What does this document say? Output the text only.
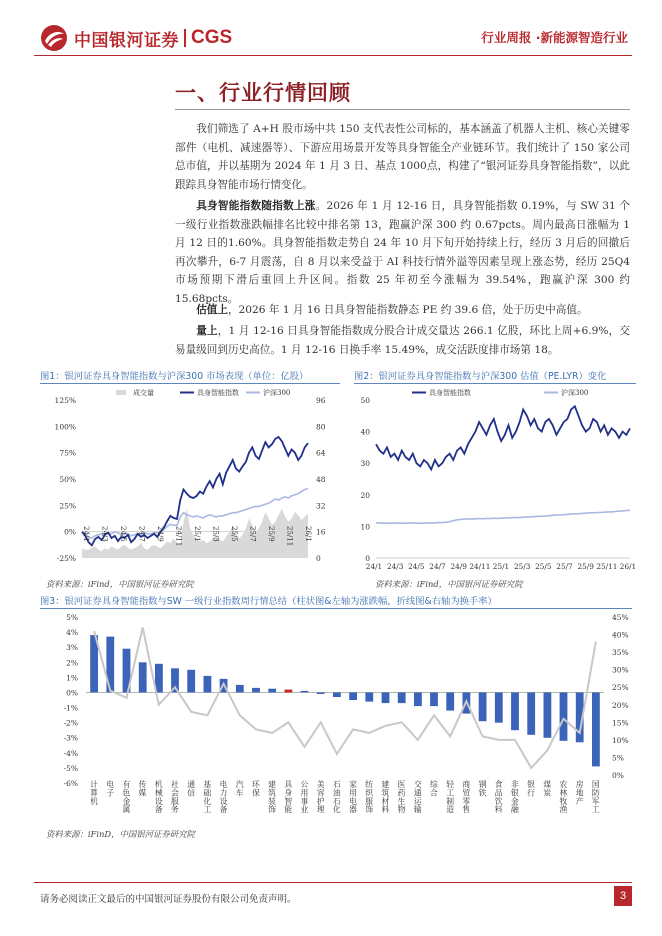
中国银河证券 CGS	行业周报 ·新能源智造行业
一、行业行情回顾

我们筛选了 A+H 股市场中共 150 支代表性公司标的，基本涵盖了机器人主机、核心关键零部件（电机、减速器等）、下游应用场景开发等具身智能全产业链环节。我们统计了 150 家公司总市值，并以基期为 2024 年 1 月 3 日、基点 1000点，构建了“银河证券具身智能指数”，以此跟踪具身智能市场行情变化。

具身智能指数随指数上涨。2026 年 1 月 12-16 日，具身智能指数 0.19%，与 SW 31 个一级行业指数涨跌幅排名比较中排名第 13，跑赢沪深 300 约 0.67pcts。周内最高日涨幅为 1 月 12 日的1.60%。具身智能指数走势自 24 年 10 月下旬开始持续上行，经历 3 月后的回撤后再次攀升，6-7 月震荡，自 8 月以来受益于 AI 科技行情外溢等因素呈现上涨态势，经历 25Q4 市场预期下滑后重回上升区间。指数 25 年初至今涨幅为 39.54%，跑赢沪深 300 约 15.68pcts。

估值上，2026 年 1 月 16 日具身智能指数静态 PE 约 39.6 倍，处于历史中高值。

量上，1 月 12-16 日具身智能指数成分股合计成交量达 266.1 亿股，环比上周+6.9%，交易量级回到历史高位。1 月 12-16 日换手率 15.49%，成交活跃度排市场第 18。

图1：银河证券具身智能指数与沪深300 市场表现（单位：亿股）
成交量	具身智能指数	沪深300
125%
100%
75%
50%
25%
0%
-25%
96
80
64
48
32
16
0
24/1 24/3 24/5 24/7 24/9 24/11 25/1 25/3 25/5 25/7 25/9 25/11 26/1
资料来源：iFind，中国银河证券研究院
图2：银河证券具身智能指数与沪深300 估值（PE.LYR）变化
具身智能指数	沪深300
50
40
30
20
10
0
24/1 24/3 24/5 24/7 24/9 24/11 25/1 25/3 25/5 25/7 25/9 25/11 26/1
资料来源：iFind，中国银河证券研究院
图3：银河证券具身智能指数与SW 一级行业指数周行情总结（柱状图&左轴为涨跌幅，折线图&右轴为换手率）
5%
4%
3%
2%
1%
0%
-1%
-2%
-3%
-4%
-5%
-6%
45%
40%
35%
30%
25%
20%
15%
10%
5%
0%
计
算
机
电
子
有
色
金
属
传
媒
机
械
设
备
社
会
服
务
通
信
基
础
化
工
电
力
设
备
汽
车
环
保
建
筑
装
饰
具
身
智
能
公
用
事
业
美
容
护
理
石
油
石
化
家
用
电
器
纺
织
服
饰
建
筑
材
料
医
药
生
物
交
通
运
输
综
合
轻
工
制
造
商
贸
零
售
钢
铁
食
品
饮
料
非
银
金
融
银
行
煤
炭
农
林
牧
渔
房
地
产
国
防
军
工
资料来源：iFinD，中国银河证券研究院
请务必阅读正文最后的中国银河证券股份有限公司免责声明。	3
